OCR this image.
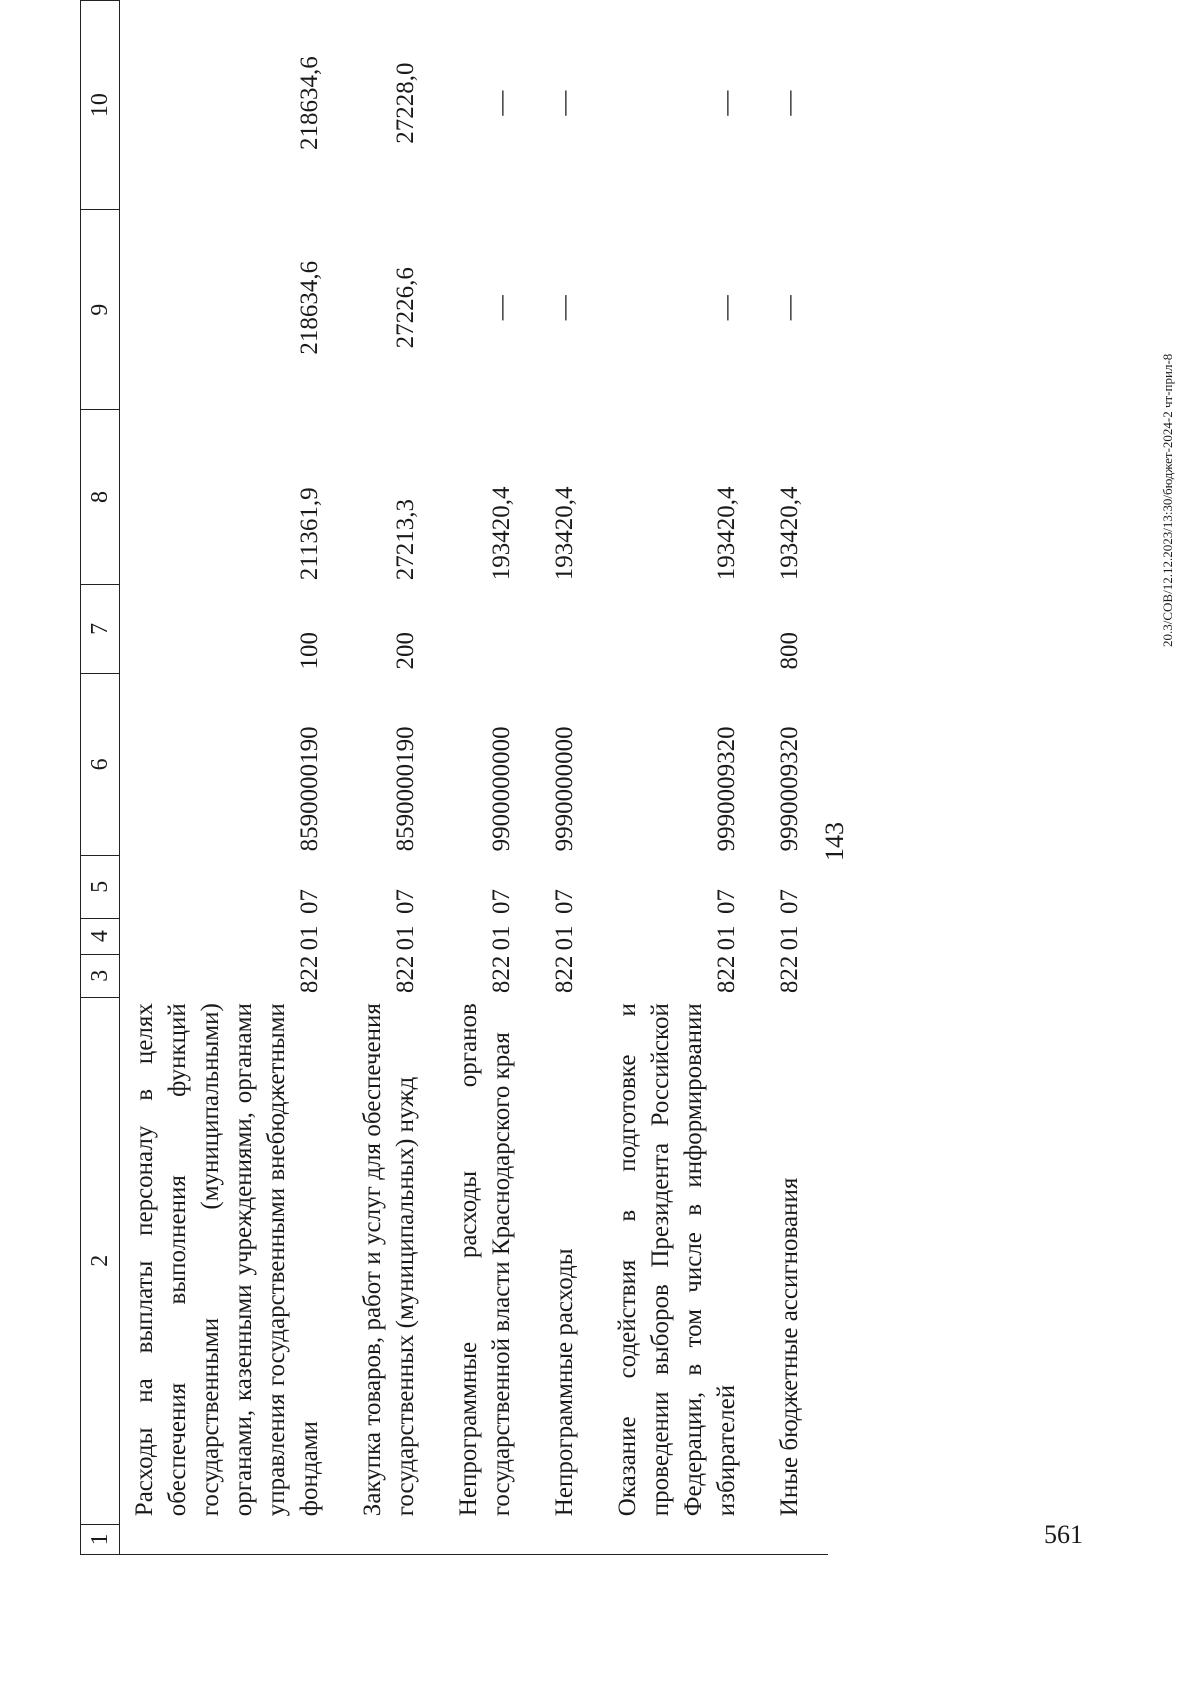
143
1	2	3	4	5	6	7	8	9	10
	Расходы на выплаты персоналу в целях обеспечения выполнения функций государственными (муниципальными) органами, казенными учреждениями, органами управления государственными внебюджетными фондами	822	01	07	8590000190	100	211361,9	218634,6	218634,6
	Закупка товаров, работ и услуг для обеспечения государственных (муниципальных) нужд	822	01	07	8590000190	200	27213,3	27226,6	27228,0
	Непрограммные расходы органов государственной власти Краснодарского края	822	01	07	9900000000		193420,4	—	—
	Непрограммные расходы	822	01	07	9990000000		193420,4	—	—
	Оказание содействия в подготовке и проведении выборов Президента Российской Федерации, в том числе в информировании избирателей	822	01	07	9990009320		193420,4	—	—
	Иные бюджетные ассигнования	822	01	07	9990009320	800	193420,4	—	—
20.3/СОВ/12.12.2023/13:30/бюджет-2024-2 чт-прил-8
561
